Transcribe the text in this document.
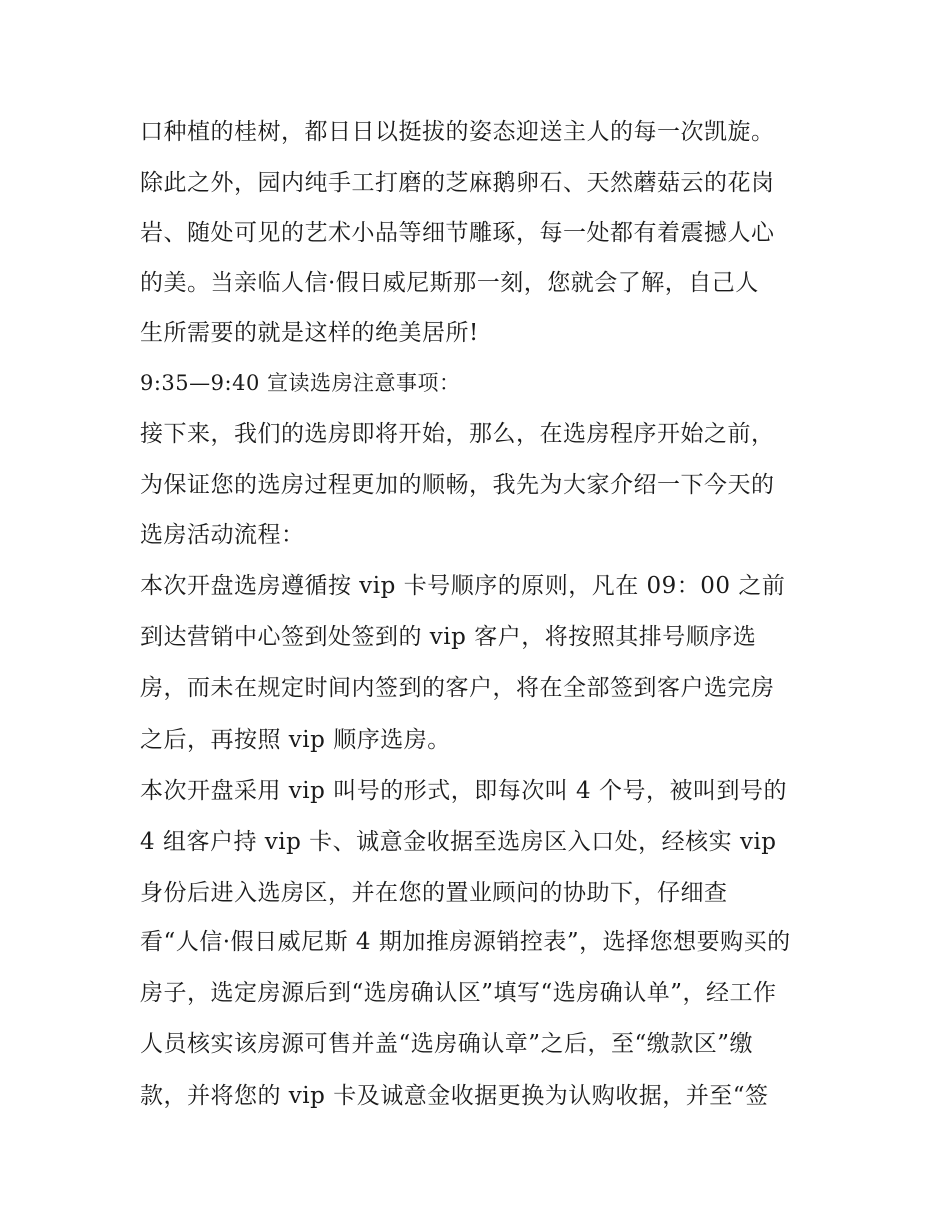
口种植的桂树，都日日以挺拔的姿态迎送主人的每一次凯旋。
除此之外，园内纯手工打磨的芝麻鹅卵石、天然蘑菇云的花岗
岩、随处可见的艺术小品等细节雕琢，每一处都有着震撼人心
的美。当亲临人信·假日威尼斯那一刻，您就会了解，自己人
生所需要的就是这样的绝美居所!
9:35—9:40 宣读选房注意事项：
接下来，我们的选房即将开始，那么，在选房程序开始之前，
为保证您的选房过程更加的顺畅，我先为大家介绍一下今天的
选房活动流程：
本次开盘选房遵循按 vip 卡号顺序的原则，凡在 09：00 之前
到达营销中心签到处签到的 vip 客户，将按照其排号顺序选
房，而未在规定时间内签到的客户，将在全部签到客户选完房
之后，再按照 vip 顺序选房。
本次开盘采用 vip 叫号的形式，即每次叫 4 个号，被叫到号的
4 组客户持 vip 卡、诚意金收据至选房区入口处，经核实 vip
身份后进入选房区，并在您的置业顾问的协助下，仔细查
看“人信·假日威尼斯 4 期加推房源销控表”，选择您想要购买的
房子，选定房源后到“选房确认区”填写“选房确认单”，经工作
人员核实该房源可售并盖“选房确认章”之后，至“缴款区”缴
款，并将您的 vip 卡及诚意金收据更换为认购收据，并至“签
